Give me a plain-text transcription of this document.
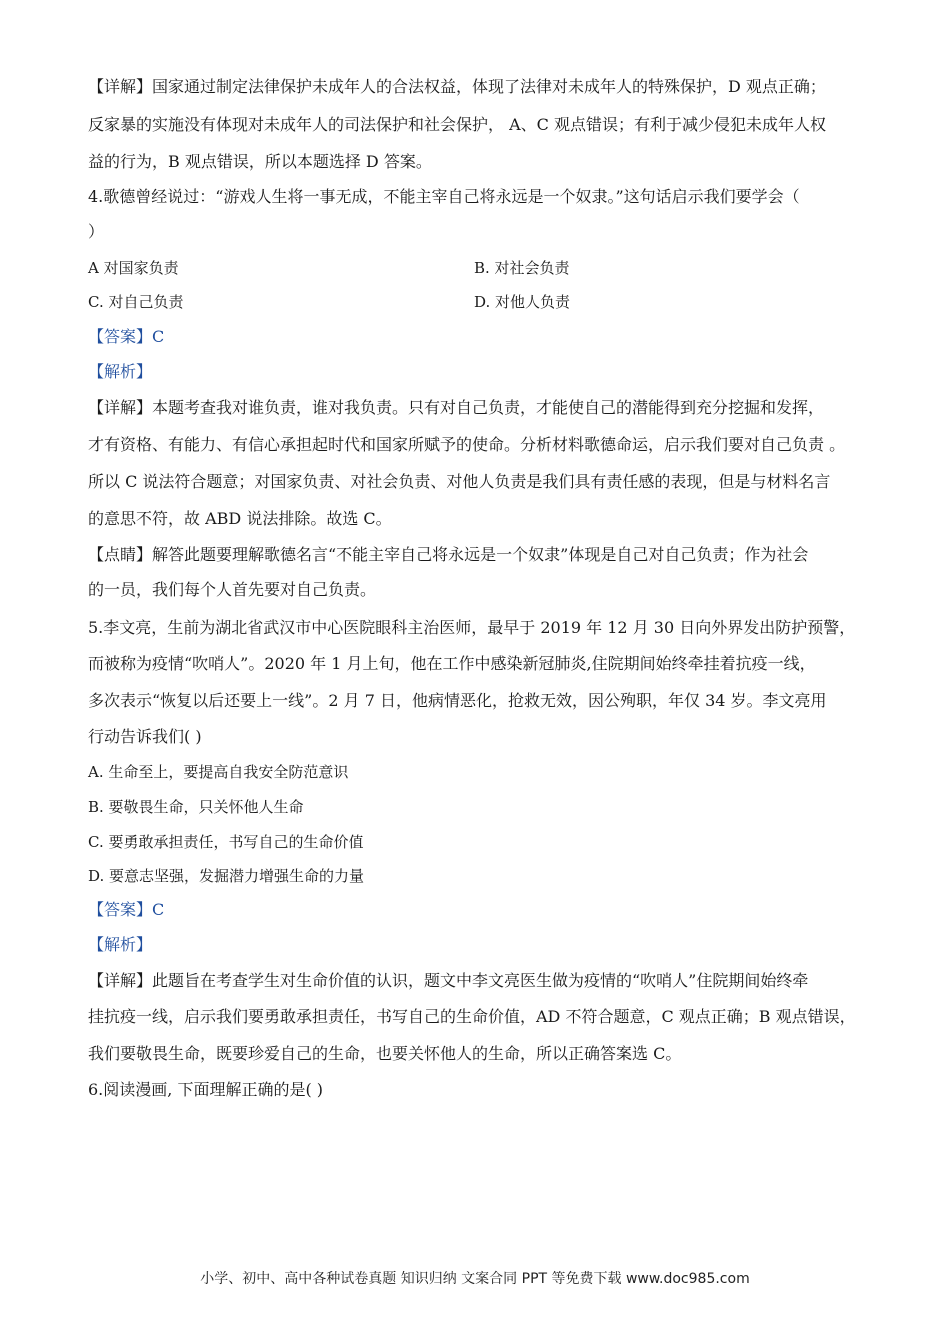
【详解】国家通过制定法律保护未成年人的合法权益，体现了法律对未成年人的特殊保护，D 观点正确；
反家暴的实施没有体现对未成年人的司法保护和社会保护， A、C 观点错误；有利于减少侵犯未成年人权
益的行为，B 观点错误，所以本题选择 D 答案。
4.歌德曾经说过：“游戏人生将一事无成，不能主宰自己将永远是一个奴隶。”这句话启示我们要学会（
）
A 对国家负责	B. 对社会负责
C. 对自己负责	D. 对他人负责
【答案】C
【解析】
【详解】本题考查我对谁负责，谁对我负责。只有对自己负责，才能使自己的潜能得到充分挖掘和发挥，
才有资格、有能力、有信心承担起时代和国家所赋予的使命。分析材料歌德命运，启示我们要对自己负责 。
所以 C 说法符合题意；对国家负责、对社会负责、对他人负责是我们具有责任感的表现，但是与材料名言
的意思不符，故 ABD 说法排除。故选 C。
【点睛】解答此题要理解歌德名言“不能主宰自己将永远是一个奴隶”体现是自己对自己负责；作为社会
的一员，我们每个人首先要对自己负责。
5.李文亮，生前为湖北省武汉市中心医院眼科主治医师，最早于 2019 年 12 月 30 日向外界发出防护预警，
而被称为疫情“吹哨人”。2020 年 1 月上旬，他在工作中感染新冠肺炎,住院期间始终牵挂着抗疫一线，
多次表示“恢复以后还要上一线”。2 月 7 日，他病情恶化，抢救无效，因公殉职，年仅 34 岁。李文亮用
行动告诉我们( )
A. 生命至上，要提高自我安全防范意识
B. 要敬畏生命，只关怀他人生命
C. 要勇敢承担责任，书写自己的生命价值
D. 要意志坚强，发掘潜力增强生命的力量
【答案】C
【解析】
【详解】此题旨在考查学生对生命价值的认识，题文中李文亮医生做为疫情的“吹哨人”住院期间始终牵
挂抗疫一线，启示我们要勇敢承担责任，书写自己的生命价值，AD 不符合题意，C 观点正确；B 观点错误，
我们要敬畏生命，既要珍爱自己的生命，也要关怀他人的生命，所以正确答案选 C。
6.阅读漫画, 下面理解正确的是( )
小学、初中、高中各种试卷真题 知识归纳 文案合同 PPT 等免费下载 www.doc985.com
